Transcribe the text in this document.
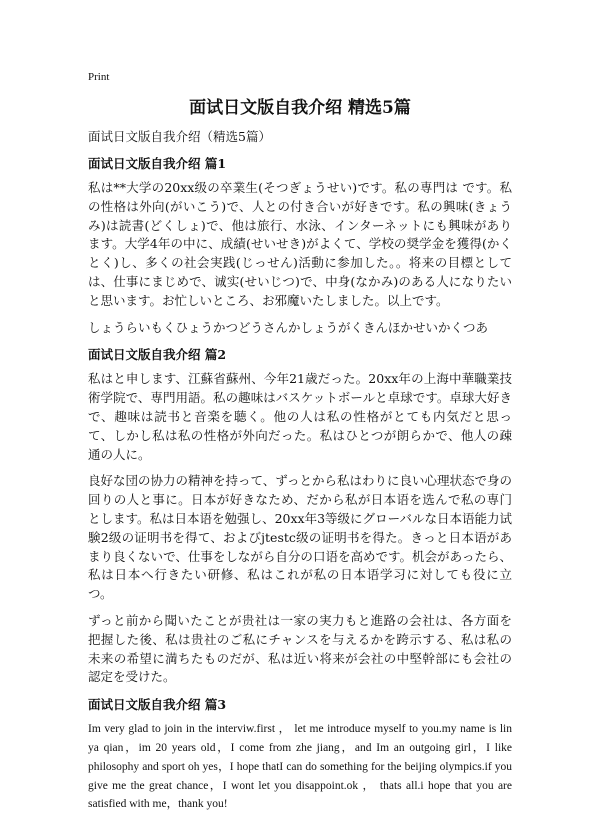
Print

面试日文版自我介绍 精选5篇

面试日文版自我介绍（精选5篇）

面试日文版自我介绍 篇1

私は**大学の20xx级の卒業生(そつぎょうせい)です。私の専門は です。私の性格は外向(がいこう)で、人との付き合いが好きです。私の興味(きょうみ)は読書(どくしょ)で、他は旅行、水泳、インターネットにも興味があります。大学4年の中に、成績(せいせき)がよくて、学校の奨学金を獲得(かくとく)し、多くの社会実践(じっせん)活動に参加した。。将来の目標としては、仕事にまじめで、诚实(せいじつ)で、中身(なかみ)のある人になりたいと思います。お忙しいところ、お邪魔いたしました。以上です。

しょうらいもくひょうかつどうさんかしょうがくきんほかせいかくつあ

面试日文版自我介绍 篇2

私はと申します、江蘇省蘇州、今年21歳だった。20xx年の上海中華職業技術学院で、専門用語。私の趣味はバスケットボールと卓球です。卓球大好きで、趣味は読书と音楽を聴く。他の人は私の性格がとても内気だと思って、しかし私は私の性格が外向だった。私はひとつが朗らかで、他人の疎通の人に。

良好な団の协力の精神を持って、ずっとから私はわりに良い心理状态で身の回りの人と事に。日本が好きなため、だから私が日本语を选んで私の専门とします。私は日本语を勉强し、20xx年3等级にグローバルな日本语能力试験2级の证明书を得て、およびjtestc级の证明书を得た。きっと日本语があまり良くないで、仕事をしながら自分の口语を高めです。机会があったら、私は日本へ行きたい研修、私はこれが私の日本语学习に対しても役に立つ。

ずっと前から聞いたことが贵社は一家の実力もと進路の会社は、各方面を把握した後、私は贵社のご私にチャンスを与えるかを跨示する、私は私の未来の希望に満ちたものだが、私は近い将来が会社の中堅幹部にも会社の認定を受けた。

面试日文版自我介绍 篇3

Im very glad to join in the interviw.first ， let me introduce myself to you.my name is lin ya qian，im 20 years old，I come from zhe jiang，and Im an outgoing girl，I like philosophy and sport oh yes，I hope thatI can do something for the beijing olympics.if you give me the great chance，I wont let you disappoint.ok ， thats all.i hope that you are satisfied with me，thank you!
